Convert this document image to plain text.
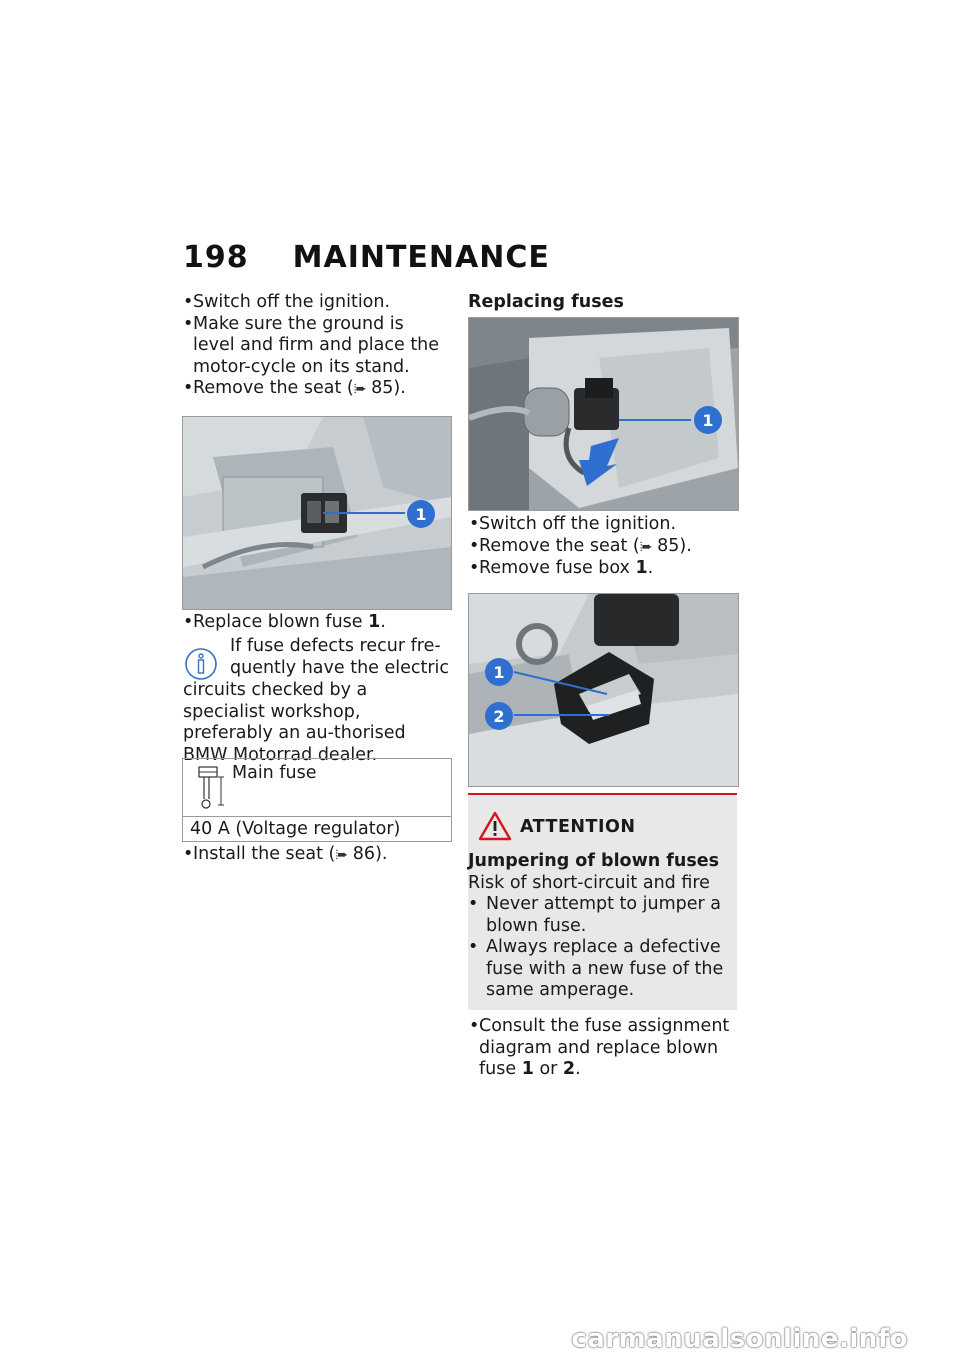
198 MAINTENANCE
• Switch off the ignition.
• Make sure the ground is level and firm and place the motor-cycle on its stand.
• Remove the seat (⦙➨ 85).
1
• Replace blown fuse 1.
If fuse defects recur fre-
quently have the electric
circuits checked by a specialist workshop, preferably an au-thorised BMW Motorrad dealer.
Main fuse
40 A (Voltage regulator)
• Install the seat (⦙➨ 86).
Replacing fuses
1
• Switch off the ignition.
• Remove the seat (⦙➨ 85).
• Remove fuse box 1.
1
2
ATTENTION
Jumpering of blown fuses
Risk of short-circuit and fire
• Never attempt to jumper a
blown fuse.
• Always replace a defective
fuse with a new fuse of the
same amperage.
• Consult the fuse assignment
diagram and replace blown
fuse 1 or 2.
carmanualsonline.info
